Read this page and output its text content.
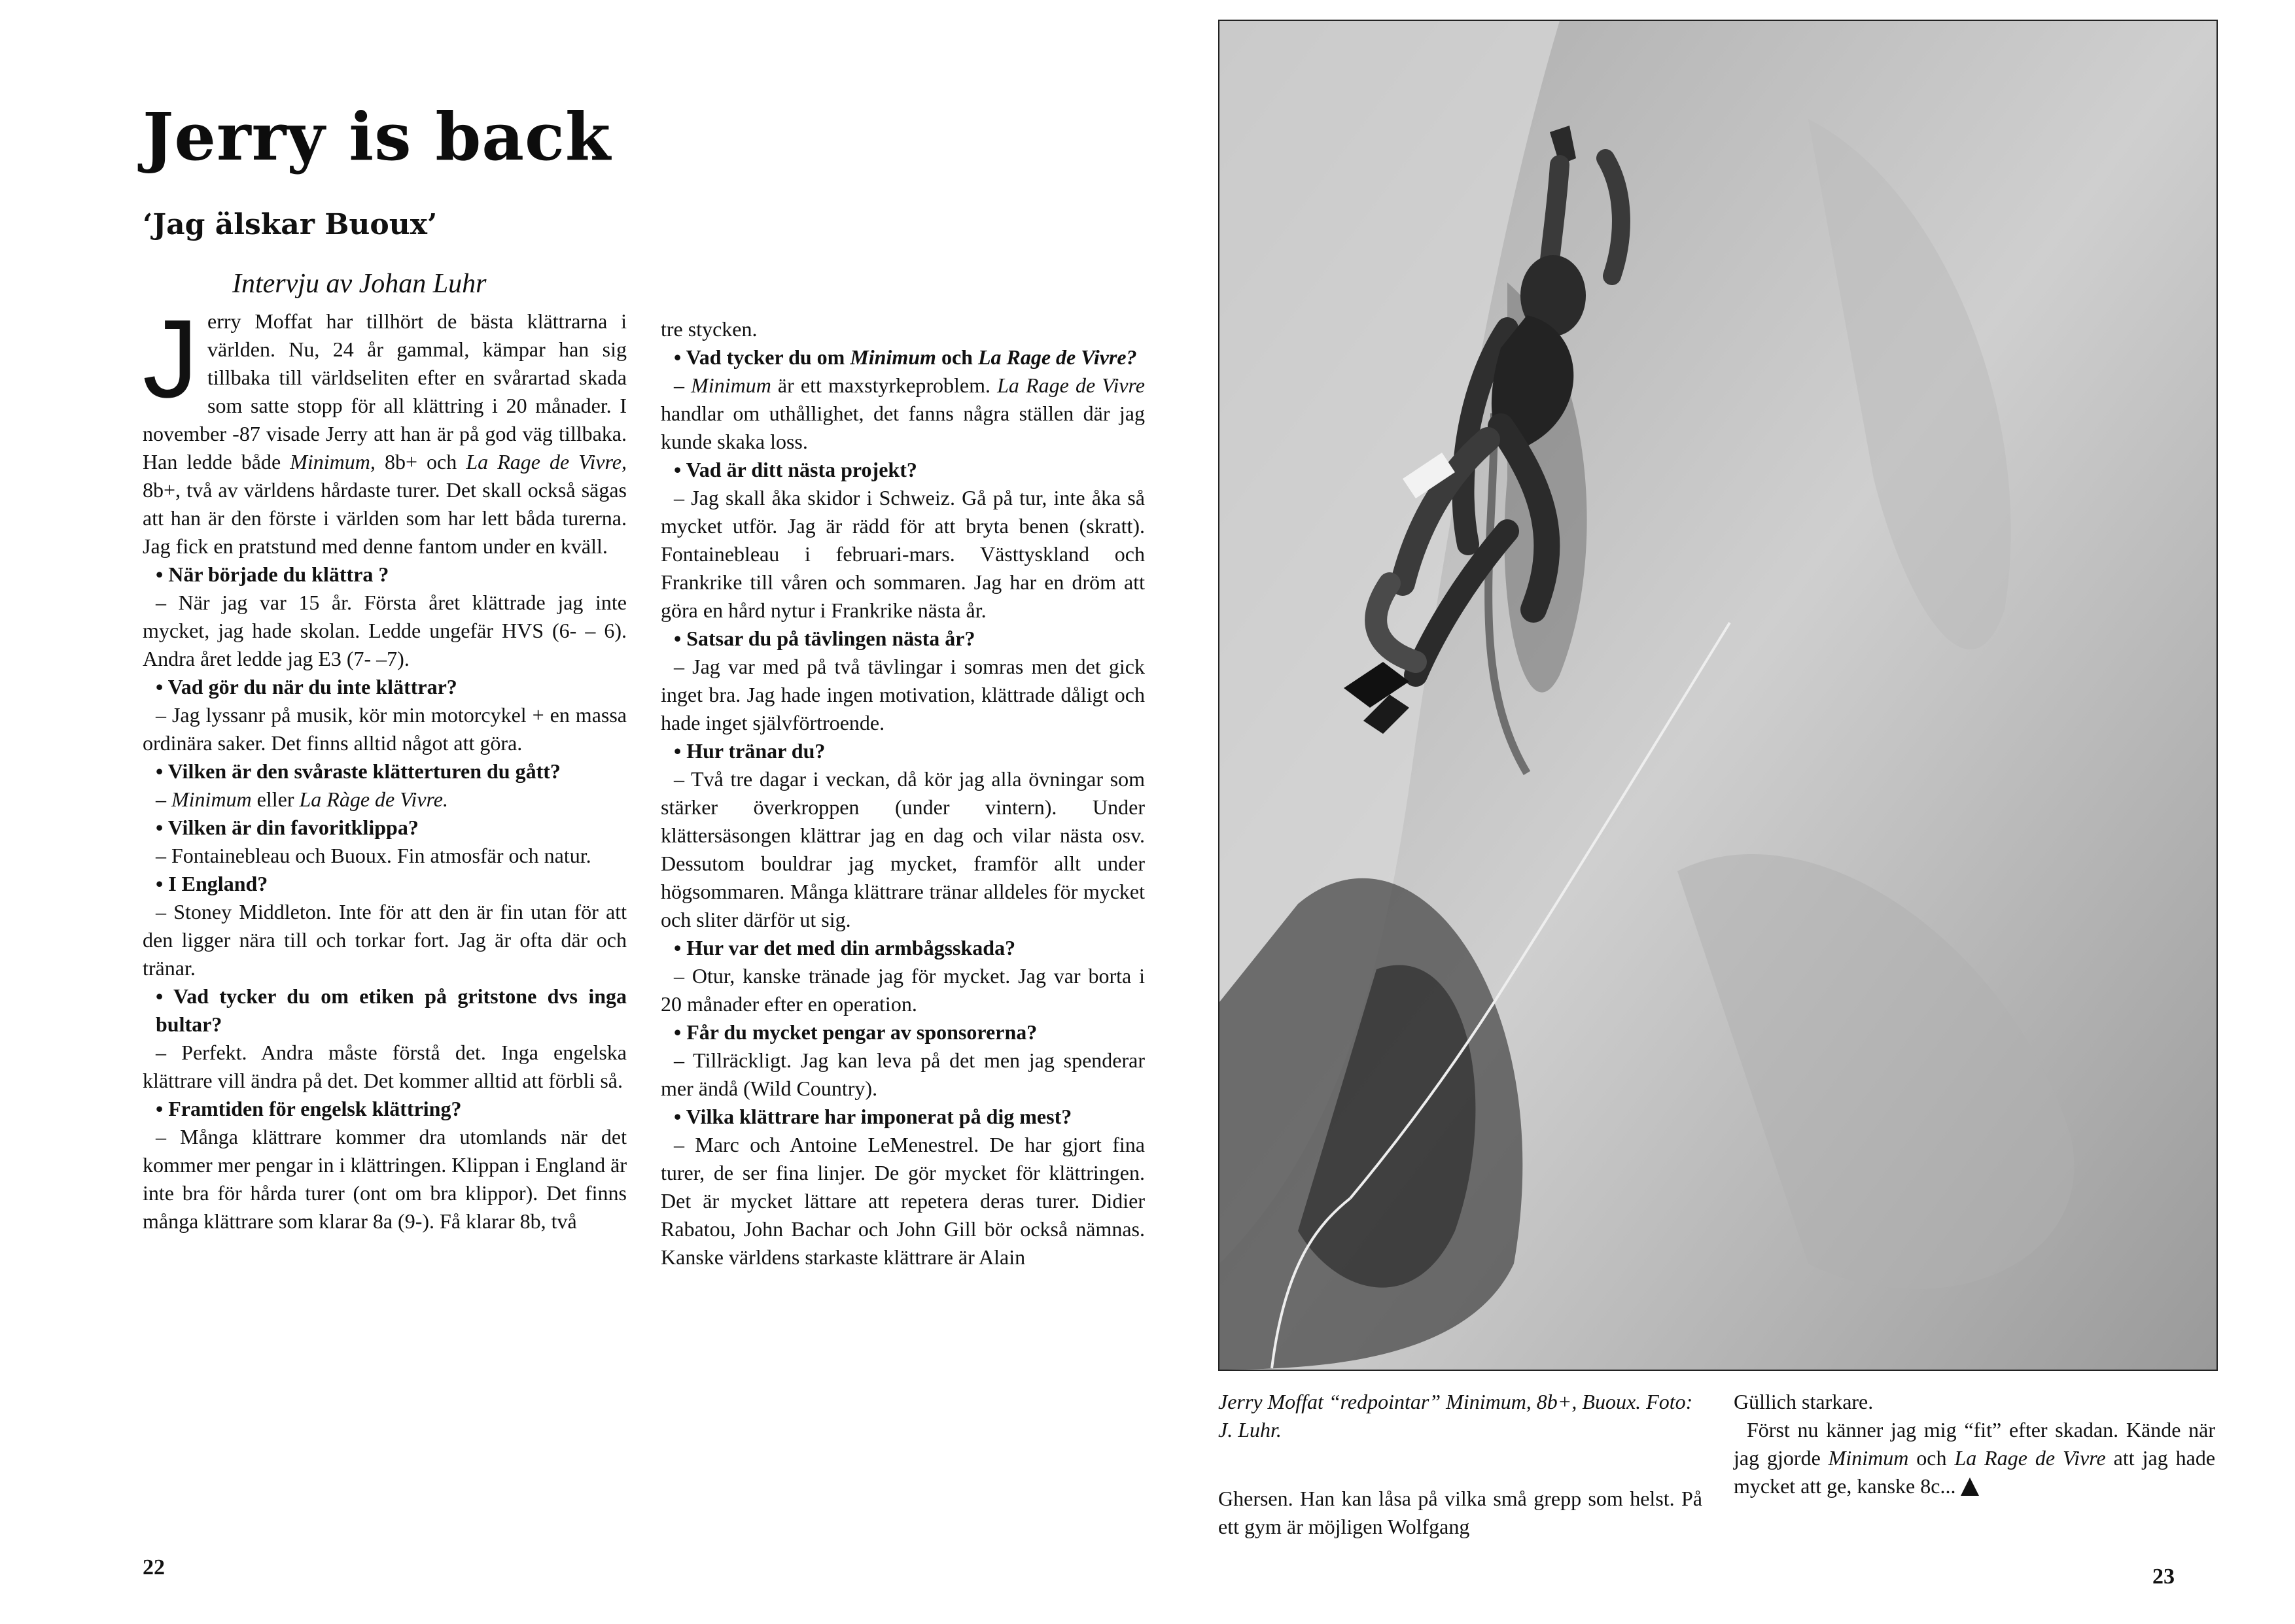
Jerry is back
‘Jag älskar Buoux’
Intervju av Johan Luhr

Jerry Moffat har tillhört de bästa klättrarna i världen. Nu, 24 år gammal, kämpar han sig tillbaka till världseliten efter en svårartad skada som satte stopp för all klättring i 20 månader. I november -87 visade Jerry att han är på god väg tillbaka. Han ledde både Minimum, 8b+ och La Rage de Vivre, 8b+, två av världens hårdaste turer. Det skall också sägas att han är den förste i världen som har lett båda turerna. Jag fick en pratstund med denne fantom under en kväll.

• När började du klättra ?

– När jag var 15 år. Första året klättrade jag inte mycket, jag hade skolan. Ledde ungefär HVS (6- – 6). Andra året ledde jag E3 (7- –7).

• Vad gör du när du inte klättrar?

– Jag lyssanr på musik, kör min motorcykel + en massa ordinära saker. Det finns alltid något att göra.

• Vilken är den svåraste klätterturen du gått?

– Minimum eller La Ràge de Vivre.

• Vilken är din favoritklippa?

– Fontainebleau och Buoux. Fin atmosfär och natur.

• I England?

– Stoney Middleton. Inte för att den är fin utan för att den ligger nära till och torkar fort. Jag är ofta där och tränar.

• Vad tycker du om etiken på gritstone dvs inga bultar?

– Perfekt. Andra måste förstå det. Inga engelska klättrare vill ändra på det. Det kommer alltid att förbli så.

• Framtiden för engelsk klättring?

– Många klättrare kommer dra utomlands när det kommer mer pengar in i klättringen. Klippan i England är inte bra för hårda turer (ont om bra klippor). Det finns många klättrare som klarar 8a (9-). Få klarar 8b, två

tre stycken.

• Vad tycker du om Minimum och La Rage de Vivre?

– Minimum är ett maxstyrkeproblem. La Rage de Vivre handlar om uthållighet, det fanns några ställen där jag kunde skaka loss.

• Vad är ditt nästa projekt?

– Jag skall åka skidor i Schweiz. Gå på tur, inte åka så mycket utför. Jag är rädd för att bryta benen (skratt). Fontainebleau i februari-mars. Västtyskland och Frankrike till våren och sommaren. Jag har en dröm att göra en hård nytur i Frankrike nästa år.

• Satsar du på tävlingen nästa år?

– Jag var med på två tävlingar i somras men det gick inget bra. Jag hade ingen motivation, klättrade dåligt och hade inget självförtroende.

• Hur tränar du?

– Två tre dagar i veckan, då kör jag alla övningar som stärker överkroppen (under vintern). Under klättersäsongen klättrar jag en dag och vilar nästa osv. Dessutom bouldrar jag mycket, framför allt under högsommaren. Många klättrare tränar alldeles för mycket och sliter därför ut sig.

• Hur var det med din armbågsskada?

– Otur, kanske tränade jag för mycket. Jag var borta i 20 månader efter en operation.

• Får du mycket pengar av sponsorerna?

– Tillräckligt. Jag kan leva på det men jag spenderar mer ändå (Wild Country).

• Vilka klättrare har imponerat på dig mest?

– Marc och Antoine LeMenestrel. De har gjort fina turer, de ser fina linjer. De gör mycket för klättringen. Det är mycket lättare att repetera deras turer. Didier Rabatou, John Bachar och John Gill bör också nämnas. Kanske världens starkaste klättrare är Alain

22
Jerry Moffat “redpointar” Minimum, 8b+, Buoux. Foto: J. Luhr.

Ghersen. Han kan låsa på vilka små grepp som helst. På ett gym är möjligen Wolfgang

Güllich starkare.

Först nu känner jag mig “fit” efter skadan. Kände när jag gjorde Minimum och La Rage de Vivre att jag hade mycket att ge, kanske 8c...

23
